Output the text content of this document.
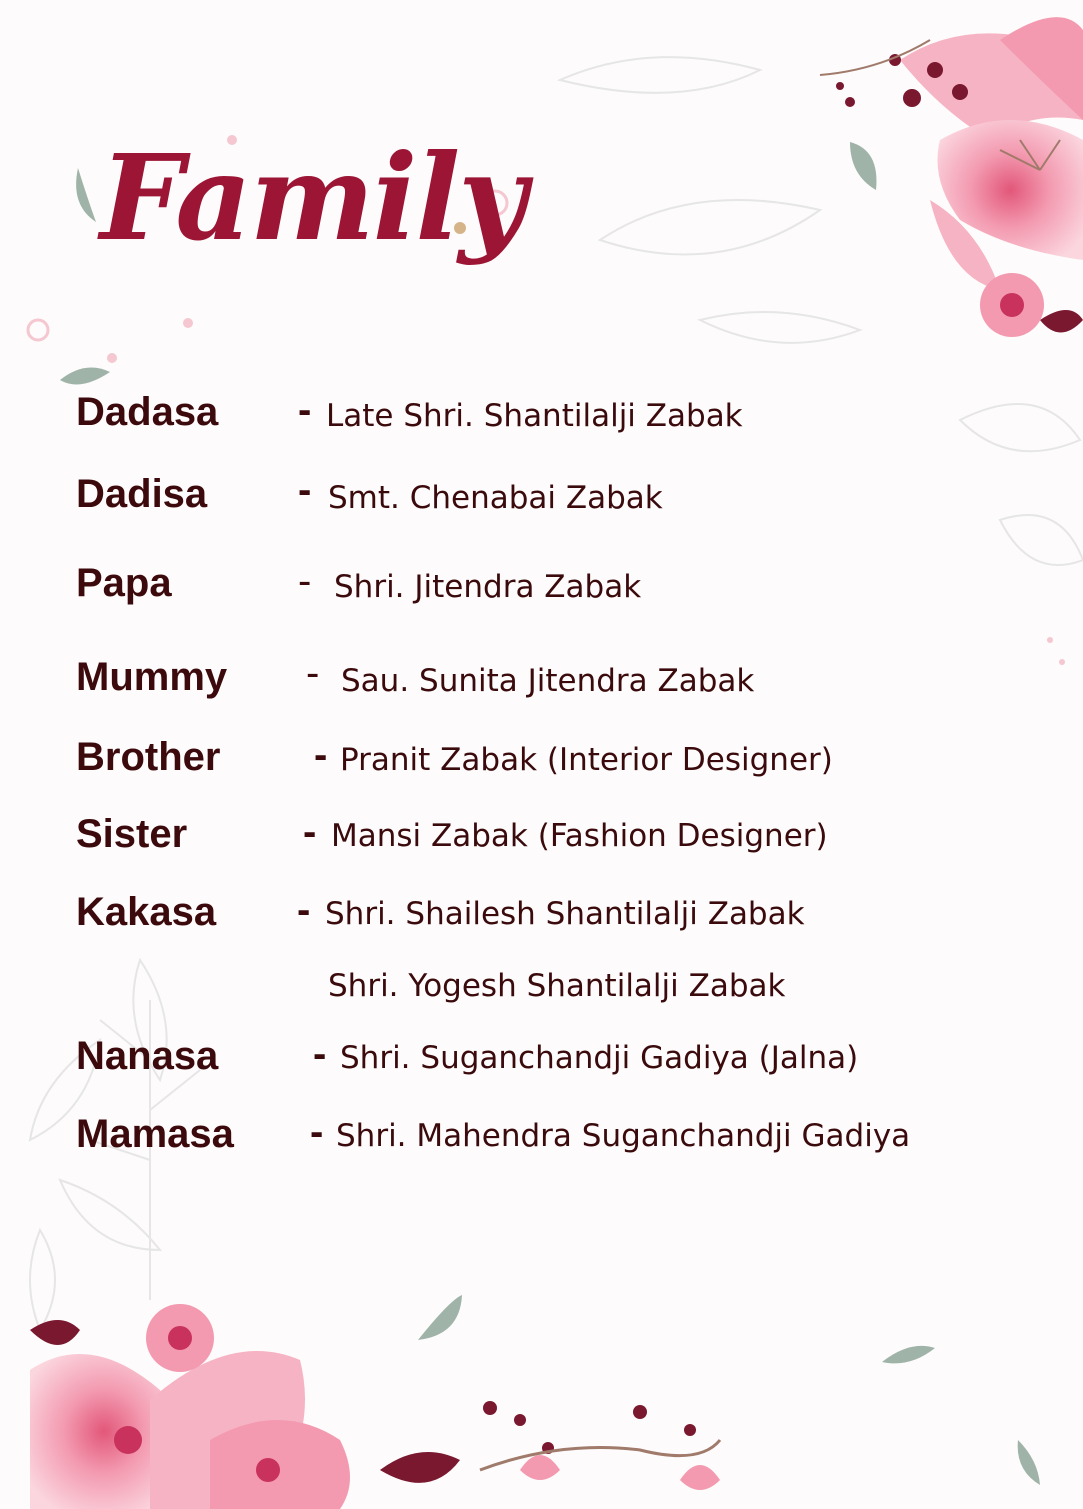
Family
Dadasa - Late Shri. Shantilalji Zabak
Dadisa - Smt. Chenabai Zabak
Papa	- Shri. Jitendra Zabak
Mummy - Sau. Sunita Jitendra Zabak
Brother - Pranit Zabak (Interior Designer)
Sister	- Mansi Zabak (Fashion Designer)
Kakasa - Shri. Shailesh Shantilalji Zabak
Shri. Yogesh Shantilalji Zabak
Nanasa - Shri. Suganchandji Gadiya (Jalna)
Mamasa - Shri. Mahendra Suganchandji Gadiya
